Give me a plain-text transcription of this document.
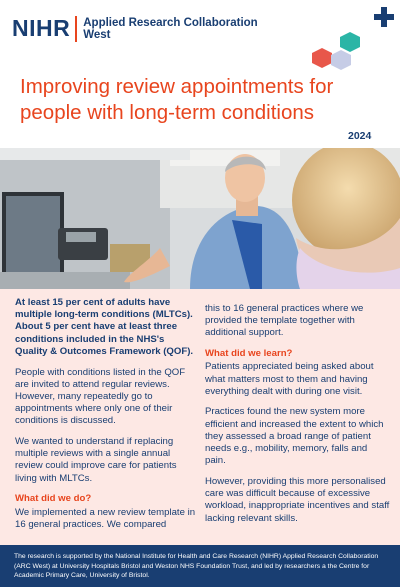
NIHR Applied Research Collaboration
West
Improving review appointments for people with long-term conditions
2024

At least 15 per cent of adults have multiple long-term conditions (MLTCs). About 5 per cent have at least three conditions included in the NHS's Quality & Outcomes Framework (QOF).

People with conditions listed in the QOF are invited to attend regular reviews. However, many repeatedly go to appointments where only one of their conditions is discussed.

We wanted to understand if replacing multiple reviews with a single annual review could improve care for patients living with MLTCs.

What did we do?

We implemented a new review template in 16 general practices. We compared

this to 16 general practices where we provided the template together with additional support.

What did we learn?

Patients appreciated being asked about what matters most to them and having everything dealt with during one visit.

Practices found the new system more efficient and increased the extent to which they assessed a broad range of patient needs e.g., mobility, memory, falls and pain.

However, providing this more personalised care was difficult because of excessive workload, inappropriate incentives and staff lacking relevant skills.

The research is supported by the National Institute for Health and Care Research (NIHR) Applied Research Collaboration (ARC West) at University Hospitals Bristol and Weston NHS Foundation Trust, and led by researchers a the Centre for Academic Primary Care, University of Bristol.
